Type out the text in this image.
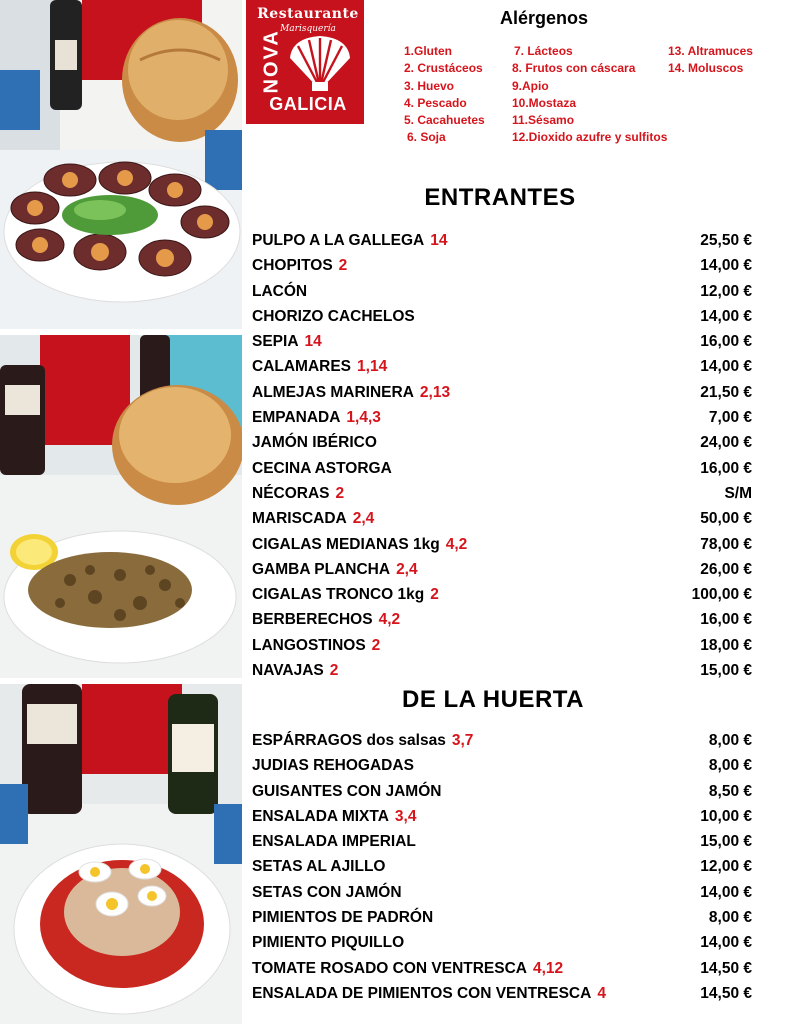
Restaurante
Marisquería
NOVA
GALICIA
Alérgenos
1.Gluten
2. Crustáceos
3. Huevo
4. Pescado
5. Cacahuetes
6. Soja
7. Lácteos
8. Frutos con cáscara
9.Apio
10.Mostaza
11.Sésamo
12.Dioxido azufre y sulfitos
13. Altramuces
14. Moluscos
ENTRANTES
PULPO A LA GALLEGA 14	25,50 €
CHOPITOS 2	14,00 €
LACÓN	12,00 €
CHORIZO CACHELOS	14,00 €
SEPIA 14	16,00 €
CALAMARES 1,14	14,00 €
ALMEJAS MARINERA 2,13	21,50 €
EMPANADA 1,4,3	7,00 €
JAMÓN IBÉRICO	24,00 €
CECINA ASTORGA	16,00 €
NÉCORAS 2	S/M
MARISCADA 2,4	50,00 €
CIGALAS MEDIANAS 1kg 4,2	78,00 €
GAMBA PLANCHA 2,4	26,00 €
CIGALAS TRONCO 1kg 2	100,00 €
BERBERECHOS 4,2	16,00 €
LANGOSTINOS 2	18,00 €
NAVAJAS 2	15,00 €
DE LA HUERTA
ESPÁRRAGOS dos salsas 3,7	8,00 €
JUDIAS REHOGADAS	8,00 €
GUISANTES CON JAMÓN	8,50 €
ENSALADA MIXTA 3,4	10,00 €
ENSALADA IMPERIAL	15,00 €
SETAS AL AJILLO	12,00 €
SETAS CON JAMÓN	14,00 €
PIMIENTOS DE PADRÓN	8,00 €
PIMIENTO PIQUILLO	14,00 €
TOMATE ROSADO CON VENTRESCA 4,12	14,50 €
ENSALADA DE PIMIENTOS CON VENTRESCA 4	14,50 €
